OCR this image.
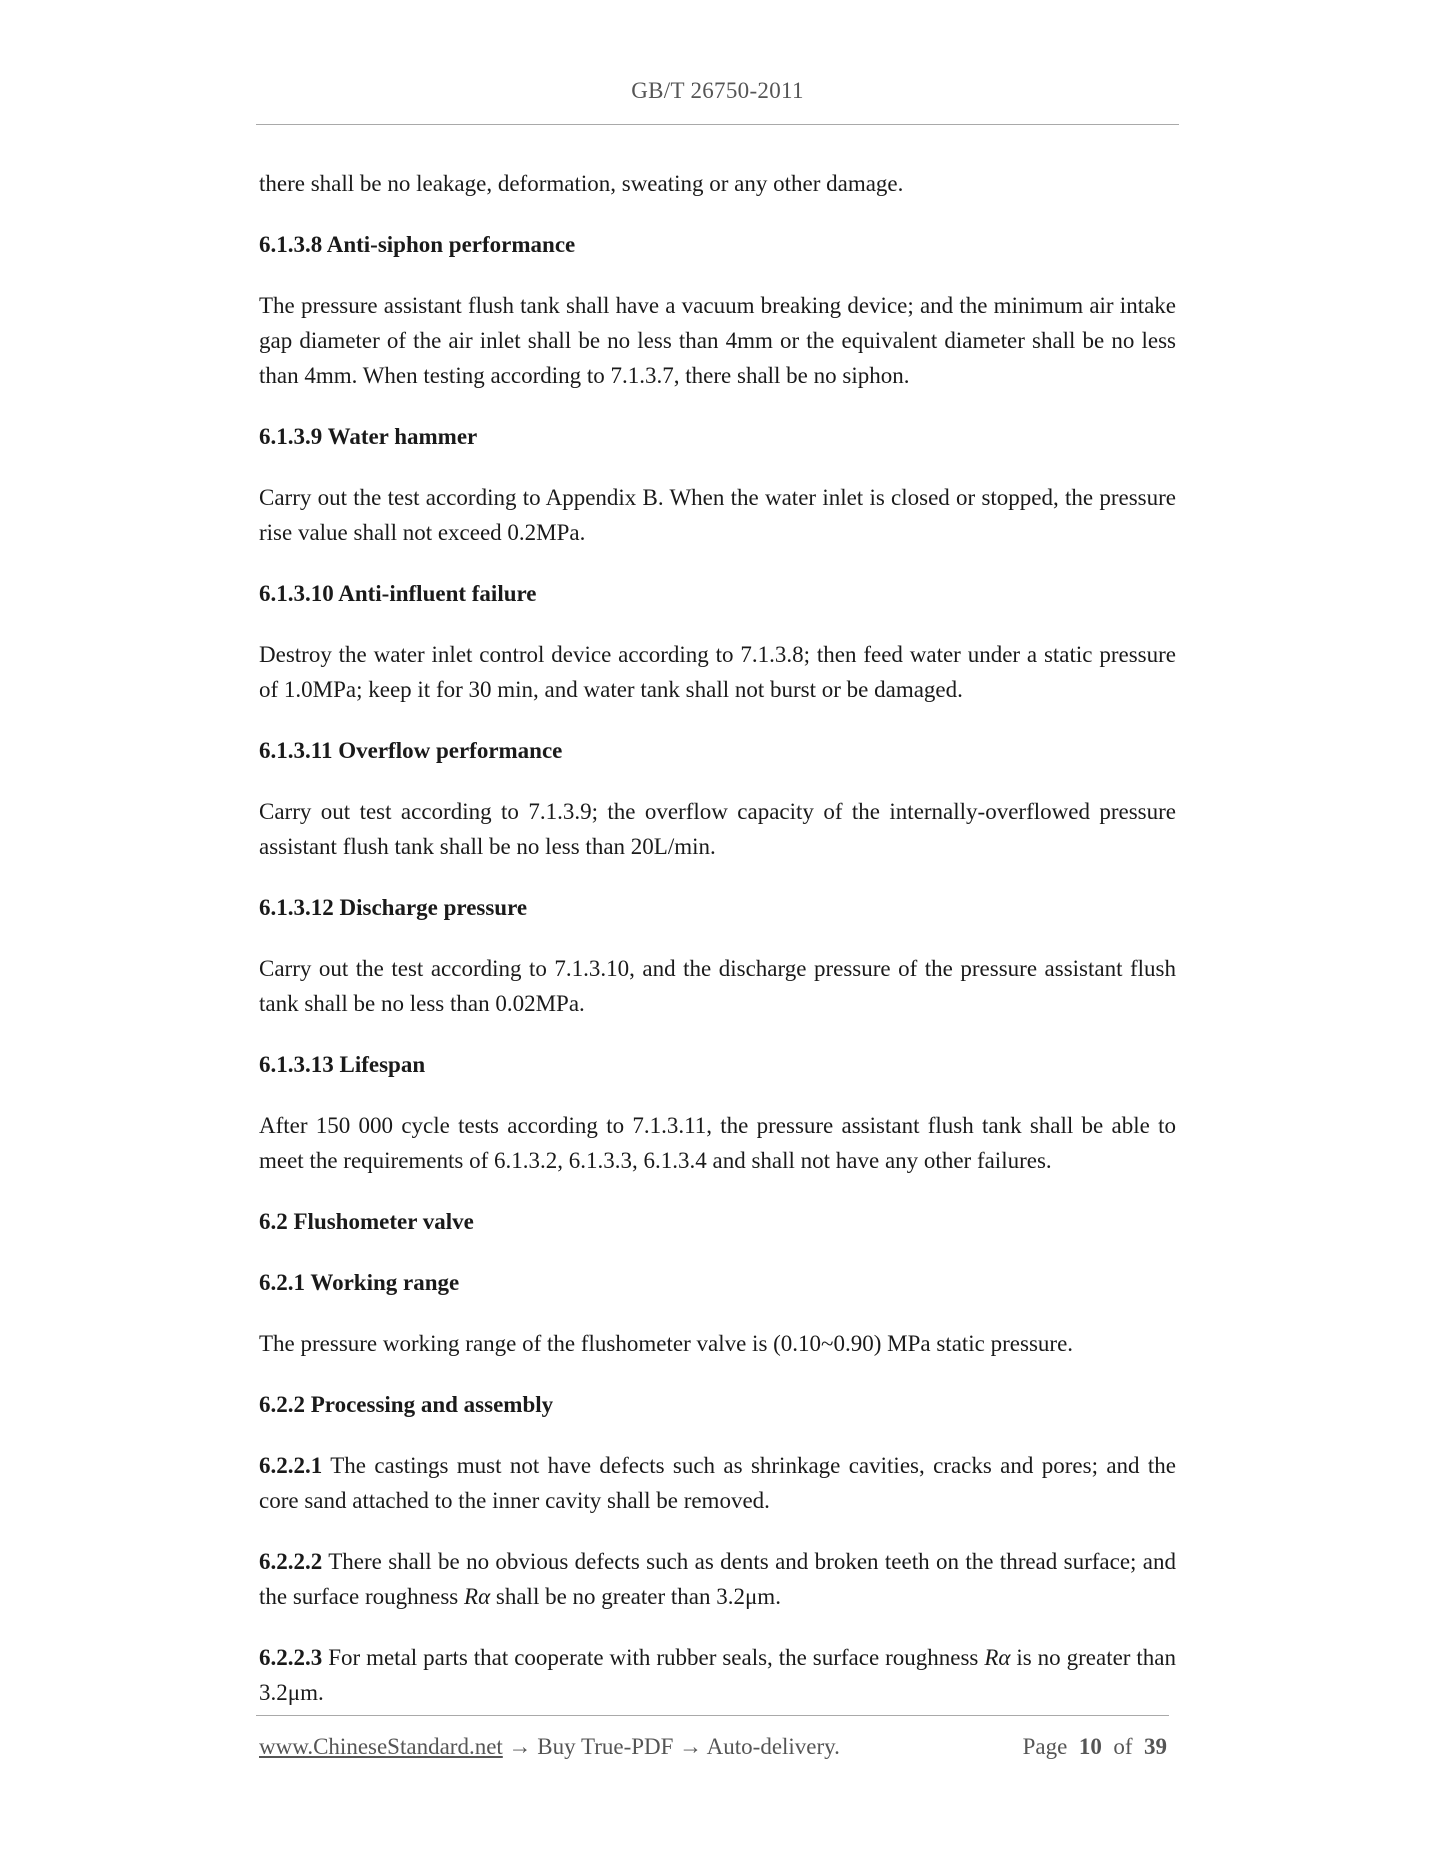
GB/T 26750-2011

there shall be no leakage, deformation, sweating or any other damage.

6.1.3.8 Anti-siphon performance

The pressure assistant flush tank shall have a vacuum breaking device; and the minimum air intake gap diameter of the air inlet shall be no less than 4mm or the equivalent diameter shall be no less than 4mm. When testing according to 7.1.3.7, there shall be no siphon.

6.1.3.9 Water hammer

Carry out the test according to Appendix B. When the water inlet is closed or stopped, the pressure rise value shall not exceed 0.2MPa.

6.1.3.10 Anti-influent failure

Destroy the water inlet control device according to 7.1.3.8; then feed water under a static pressure of 1.0MPa; keep it for 30 min, and water tank shall not burst or be damaged.

6.1.3.11 Overflow performance

Carry out test according to 7.1.3.9; the overflow capacity of the internally-overflowed pressure assistant flush tank shall be no less than 20L/min.

6.1.3.12 Discharge pressure

Carry out the test according to 7.1.3.10, and the discharge pressure of the pressure assistant flush tank shall be no less than 0.02MPa.

6.1.3.13 Lifespan

After 150 000 cycle tests according to 7.1.3.11, the pressure assistant flush tank shall be able to meet the requirements of 6.1.3.2, 6.1.3.3, 6.1.3.4 and shall not have any other failures.

6.2 Flushometer valve
6.2.1 Working range

The pressure working range of the flushometer valve is (0.10~0.90) MPa static pressure.

6.2.2 Processing and assembly

6.2.2.1 The castings must not have defects such as shrinkage cavities, cracks and pores; and the core sand attached to the inner cavity shall be removed.

6.2.2.2 There shall be no obvious defects such as dents and broken teeth on the thread surface; and the surface roughness Rα shall be no greater than 3.2μm.

6.2.2.3 For metal parts that cooperate with rubber seals, the surface roughness Rα is no greater than 3.2μm.

www.ChineseStandard.net → Buy True-PDF → Auto-delivery.	Page 10 of 39
